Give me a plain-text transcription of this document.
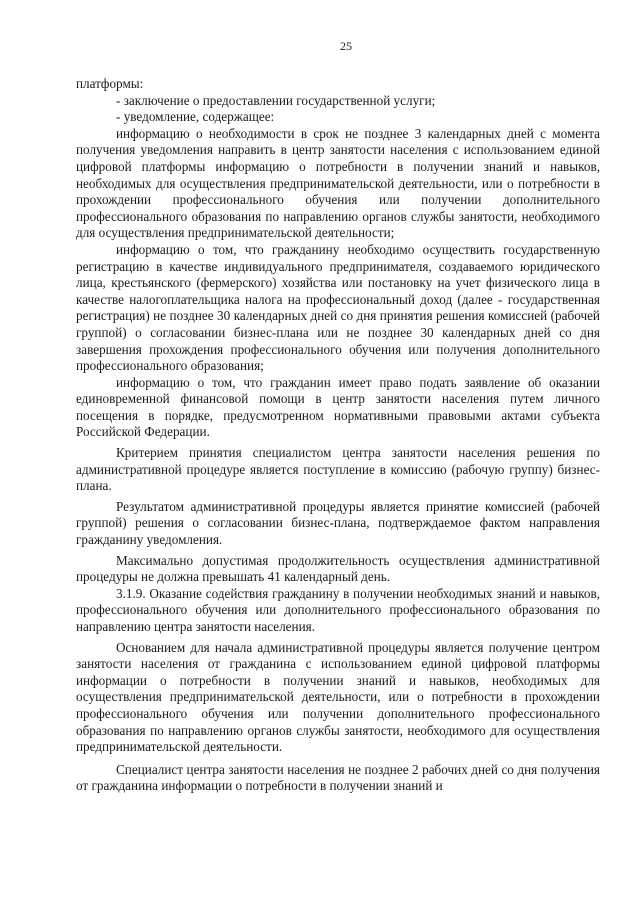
25

платформы:

- заключение о предоставлении государственной услуги;

- уведомление, содержащее:

информацию о необходимости в срок не позднее 3 календарных дней с момента получения уведомления направить в центр занятости населения с использованием единой цифровой платформы информацию о потребности в получении знаний и навыков, необходимых для осуществления предпринимательской деятельности, или о потребности в прохождении профессионального обучения или получении дополнительного профессионального образования по направлению органов службы занятости, необходимого для осуществления предпринимательской деятельности;

информацию о том, что гражданину необходимо осуществить государственную регистрацию в качестве индивидуального предпринимателя, создаваемого юридического лица, крестьянского (фермерского) хозяйства или постановку на учет физического лица в качестве налогоплательщика налога на профессиональный доход (далее - государственная регистрация) не позднее 30 календарных дней со дня принятия решения комиссией (рабочей группой) о согласовании бизнес-плана или не позднее 30 календарных дней со дня завершения прохождения профессионального обучения или получения дополнительного профессионального образования;

информацию о том, что гражданин имеет право подать заявление об оказании единовременной финансовой помощи в центр занятости населения путем личного посещения в порядке, предусмотренном нормативными правовыми актами субъекта Российской Федерации.

Критерием принятия специалистом центра занятости населения решения по административной процедуре является поступление в комиссию (рабочую группу) бизнес-плана.

Результатом административной процедуры является принятие комиссией (рабочей группой) решения о согласовании бизнес-плана, подтверждаемое фактом направления гражданину уведомления.

Максимально допустимая продолжительность осуществления административной процедуры не должна превышать 41 календарный день.

3.1.9. Оказание содействия гражданину в получении необходимых знаний и навыков, профессионального обучения или дополнительного профессионального образования по направлению центра занятости населения.

Основанием для начала административной процедуры является получение центром занятости населения от гражданина с использованием единой цифровой платформы информации о потребности в получении знаний и навыков, необходимых для осуществления предпринимательской деятельности, или о потребности в прохождении профессионального обучения или получении дополнительного профессионального образования по направлению органов службы занятости, необходимого для осуществления предпринимательской деятельности.

Специалист центра занятости населения не позднее 2 рабочих дней со дня получения от гражданина информации о потребности в получении знаний и
